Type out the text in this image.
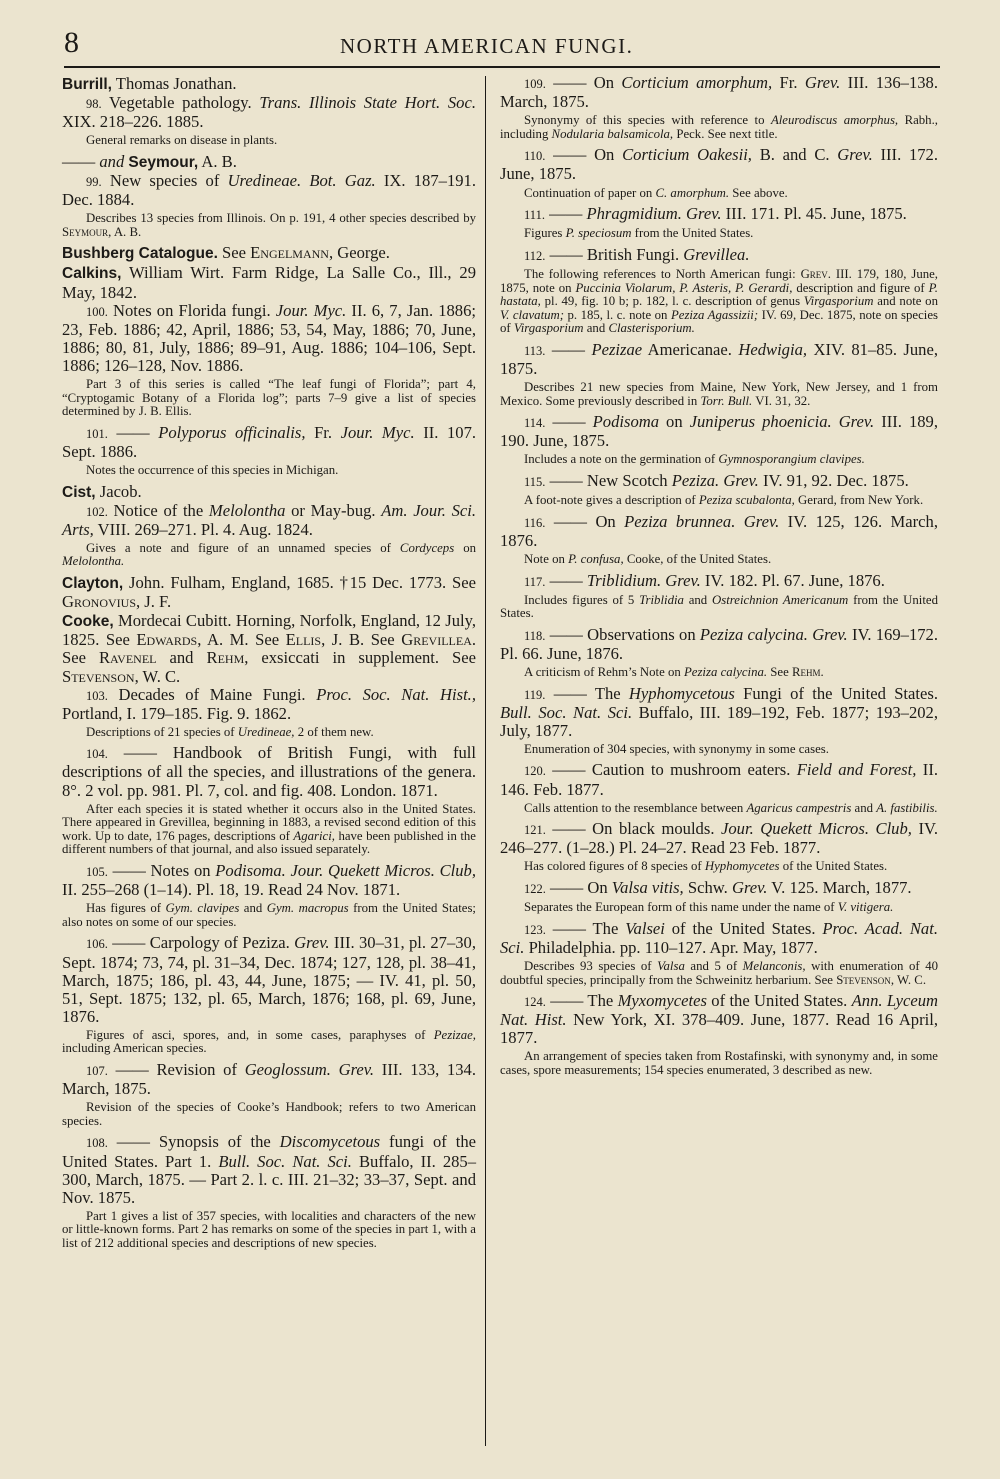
8	NORTH AMERICAN FUNGI.

Burrill, Thomas Jonathan.

98. Vegetable pathology. Trans. Illinois State Hort. Soc. XIX. 218–226. 1885.

General remarks on disease in plants.

—— and Seymour, A. B.

99. New species of Uredineae. Bot. Gaz. IX. 187–191. Dec. 1884.

Describes 13 species from Illinois. On p. 191, 4 other species described by Seymour, A. B.

Bushberg Catalogue. See Engelmann, George.

Calkins, William Wirt. Farm Ridge, La Salle Co., Ill., 29 May, 1842.

100. Notes on Florida fungi. Jour. Myc. II. 6, 7, Jan. 1886; 23, Feb. 1886; 42, April, 1886; 53, 54, May, 1886; 70, June, 1886; 80, 81, July, 1886; 89–91, Aug. 1886; 104–106, Sept. 1886; 126–128, Nov. 1886.

Part 3 of this series is called “The leaf fungi of Florida”; part 4, “Cryptogamic Botany of a Florida log”; parts 7–9 give a list of species determined by J. B. Ellis.

101. —— Polyporus officinalis, Fr. Jour. Myc. II. 107. Sept. 1886.

Notes the occurrence of this species in Michigan.

Cist, Jacob.

102. Notice of the Melolontha or May-bug. Am. Jour. Sci. Arts, VIII. 269–271. Pl. 4. Aug. 1824.

Gives a note and figure of an unnamed species of Cordyceps on Melolontha.

Clayton, John. Fulham, England, 1685. †15 Dec. 1773. See Gronovius, J. F.

Cooke, Mordecai Cubitt. Horning, Norfolk, England, 12 July, 1825. See Edwards, A. M. See Ellis, J. B. See Grevillea. See Ravenel and Rehm, exsiccati in supplement. See Stevenson, W. C.

103. Decades of Maine Fungi. Proc. Soc. Nat. Hist., Portland, I. 179–185. Fig. 9. 1862.

Descriptions of 21 species of Uredineae, 2 of them new.

104. —— Handbook of British Fungi, with full descriptions of all the species, and illustrations of the genera. 8°. 2 vol. pp. 981. Pl. 7, col. and fig. 408. London. 1871.

After each species it is stated whether it occurs also in the United States. There appeared in Grevillea, beginning in 1883, a revised second edition of this work. Up to date, 176 pages, descriptions of Agarici, have been published in the different numbers of that journal, and also issued separately.

105. —— Notes on Podisoma. Jour. Quekett Micros. Club, II. 255–268 (1–14). Pl. 18, 19. Read 24 Nov. 1871.

Has figures of Gym. clavipes and Gym. macropus from the United States; also notes on some of our species.

106. —— Carpology of Peziza. Grev. III. 30–31, pl. 27–30, Sept. 1874; 73, 74, pl. 31–34, Dec. 1874; 127, 128, pl. 38–41, March, 1875; 186, pl. 43, 44, June, 1875; — IV. 41, pl. 50, 51, Sept. 1875; 132, pl. 65, March, 1876; 168, pl. 69, June, 1876.

Figures of asci, spores, and, in some cases, paraphyses of Pezizae, including American species.

107. —— Revision of Geoglossum. Grev. III. 133, 134. March, 1875.

Revision of the species of Cooke’s Handbook; refers to two American species.

108. —— Synopsis of the Discomycetous fungi of the United States. Part 1. Bull. Soc. Nat. Sci. Buffalo, II. 285–300, March, 1875. — Part 2. l. c. III. 21–32; 33–37, Sept. and Nov. 1875.

Part 1 gives a list of 357 species, with localities and characters of the new or little-known forms. Part 2 has remarks on some of the species in part 1, with a list of 212 additional species and descriptions of new species.

109. —— On Corticium amorphum, Fr. Grev. III. 136–138. March, 1875.

Synonymy of this species with reference to Aleurodiscus amorphus, Rabh., including Nodularia balsamicola, Peck. See next title.

110. —— On Corticium Oakesii, B. and C. Grev. III. 172. June, 1875.

Continuation of paper on C. amorphum. See above.

111. —— Phragmidium. Grev. III. 171. Pl. 45. June, 1875.

Figures P. speciosum from the United States.

112. —— British Fungi. Grevillea.

The following references to North American fungi: Grev. III. 179, 180, June, 1875, note on Puccinia Violarum, P. Asteris, P. Gerardi, description and figure of P. hastata, pl. 49, fig. 10 b; p. 182, l. c. description of genus Virgasporium and note on V. clavatum; p. 185, l. c. note on Peziza Agassizii; IV. 69, Dec. 1875, note on species of Virgasporium and Clasterisporium.

113. —— Pezizae Americanae. Hedwigia, XIV. 81–85. June, 1875.

Describes 21 new species from Maine, New York, New Jersey, and 1 from Mexico. Some previously described in Torr. Bull. VI. 31, 32.

114. —— Podisoma on Juniperus phoenicia. Grev. III. 189, 190. June, 1875.

Includes a note on the germination of Gymnosporangium clavipes.

115. —— New Scotch Peziza. Grev. IV. 91, 92. Dec. 1875.

A foot-note gives a description of Peziza scubalonta, Gerard, from New York.

116. —— On Peziza brunnea. Grev. IV. 125, 126. March, 1876.

Note on P. confusa, Cooke, of the United States.

117. —— Triblidium. Grev. IV. 182. Pl. 67. June, 1876.

Includes figures of 5 Triblidia and Ostreichnion Americanum from the United States.

118. —— Observations on Peziza calycina. Grev. IV. 169–172. Pl. 66. June, 1876.

A criticism of Rehm’s Note on Peziza calycina. See Rehm.

119. —— The Hyphomycetous Fungi of the United States. Bull. Soc. Nat. Sci. Buffalo, III. 189–192, Feb. 1877; 193–202, July, 1877.

Enumeration of 304 species, with synonymy in some cases.

120. —— Caution to mushroom eaters. Field and Forest, II. 146. Feb. 1877.

Calls attention to the resemblance between Agaricus campestris and A. fastibilis.

121. —— On black moulds. Jour. Quekett Micros. Club, IV. 246–277. (1–28.) Pl. 24–27. Read 23 Feb. 1877.

Has colored figures of 8 species of Hyphomycetes of the United States.

122. —— On Valsa vitis, Schw. Grev. V. 125. March, 1877.

Separates the European form of this name under the name of V. vitigera.

123. —— The Valsei of the United States. Proc. Acad. Nat. Sci. Philadelphia. pp. 110–127. Apr. May, 1877.

Describes 93 species of Valsa and 5 of Melanconis, with enumeration of 40 doubtful species, principally from the Schweinitz herbarium. See Stevenson, W. C.

124. —— The Myxomycetes of the United States. Ann. Lyceum Nat. Hist. New York, XI. 378–409. June, 1877. Read 16 April, 1877.

An arrangement of species taken from Rostafinski, with synonymy and, in some cases, spore measurements; 154 species enumerated, 3 described as new.
